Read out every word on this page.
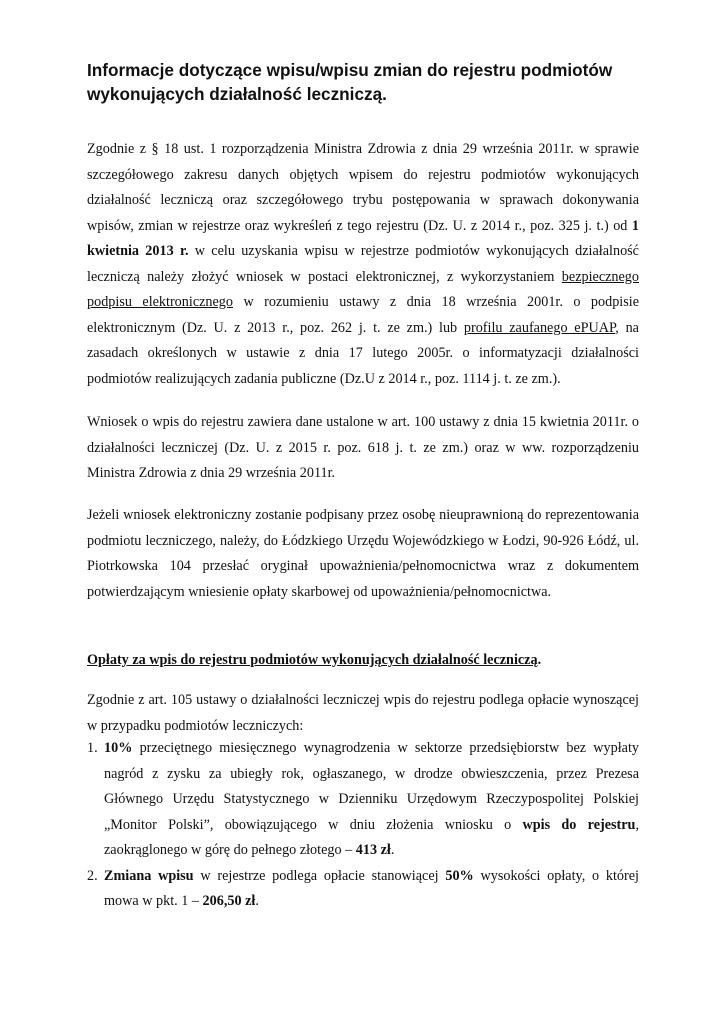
Informacje dotyczące wpisu/wpisu zmian do rejestru podmiotów wykonujących działalność leczniczą.

Zgodnie z § 18 ust. 1 rozporządzenia Ministra Zdrowia z dnia 29 września 2011r. w sprawie szczegółowego zakresu danych objętych wpisem do rejestru podmiotów wykonujących działalność leczniczą oraz szczegółowego trybu postępowania w sprawach dokonywania wpisów, zmian w rejestrze oraz wykreśleń z tego rejestru (Dz. U. z 2014 r., poz. 325 j. t.) od 1 kwietnia 2013 r. w celu uzyskania wpisu w rejestrze podmiotów wykonujących działalność leczniczą należy złożyć wniosek w postaci elektronicznej, z wykorzystaniem bezpiecznego podpisu elektronicznego w rozumieniu ustawy z dnia 18 września 2001r. o podpisie elektronicznym (Dz. U. z 2013 r., poz. 262 j. t. ze zm.) lub profilu zaufanego ePUAP, na zasadach określonych w ustawie z dnia 17 lutego 2005r. o informatyzacji działalności podmiotów realizujących zadania publiczne (Dz.U z 2014 r., poz. 1114 j. t. ze zm.).

Wniosek o wpis do rejestru zawiera dane ustalone w art. 100 ustawy z dnia 15 kwietnia 2011r. o działalności leczniczej (Dz. U. z 2015 r. poz. 618 j. t. ze zm.) oraz w ww. rozporządzeniu Ministra Zdrowia z dnia 29 września 2011r.

Jeżeli wniosek elektroniczny zostanie podpisany przez osobę nieuprawnioną do reprezentowania podmiotu leczniczego, należy, do Łódzkiego Urzędu Wojewódzkiego w Łodzi, 90-926 Łódź, ul. Piotrkowska 104 przesłać oryginał upoważnienia/pełnomocnictwa wraz z dokumentem potwierdzającym wniesienie opłaty skarbowej od upoważnienia/pełnomocnictwa.

Opłaty za wpis do rejestru podmiotów wykonujących działalność leczniczą.

Zgodnie z art. 105 ustawy o działalności leczniczej wpis do rejestru podlega opłacie wynoszącej w przypadku podmiotów leczniczych:

1. 10% przeciętnego miesięcznego wynagrodzenia w sektorze przedsiębiorstw bez wypłaty nagród z zysku za ubiegły rok, ogłaszanego, w drodze obwieszczenia, przez Prezesa Głównego Urzędu Statystycznego w Dzienniku Urzędowym Rzeczypospolitej Polskiej „Monitor Polski”, obowiązującego w dniu złożenia wniosku o wpis do rejestru, zaokrąglonego w górę do pełnego złotego – 413 zł.
2. Zmiana wpisu w rejestrze podlega opłacie stanowiącej 50% wysokości opłaty, o której mowa w pkt. 1 – 206,50 zł.
